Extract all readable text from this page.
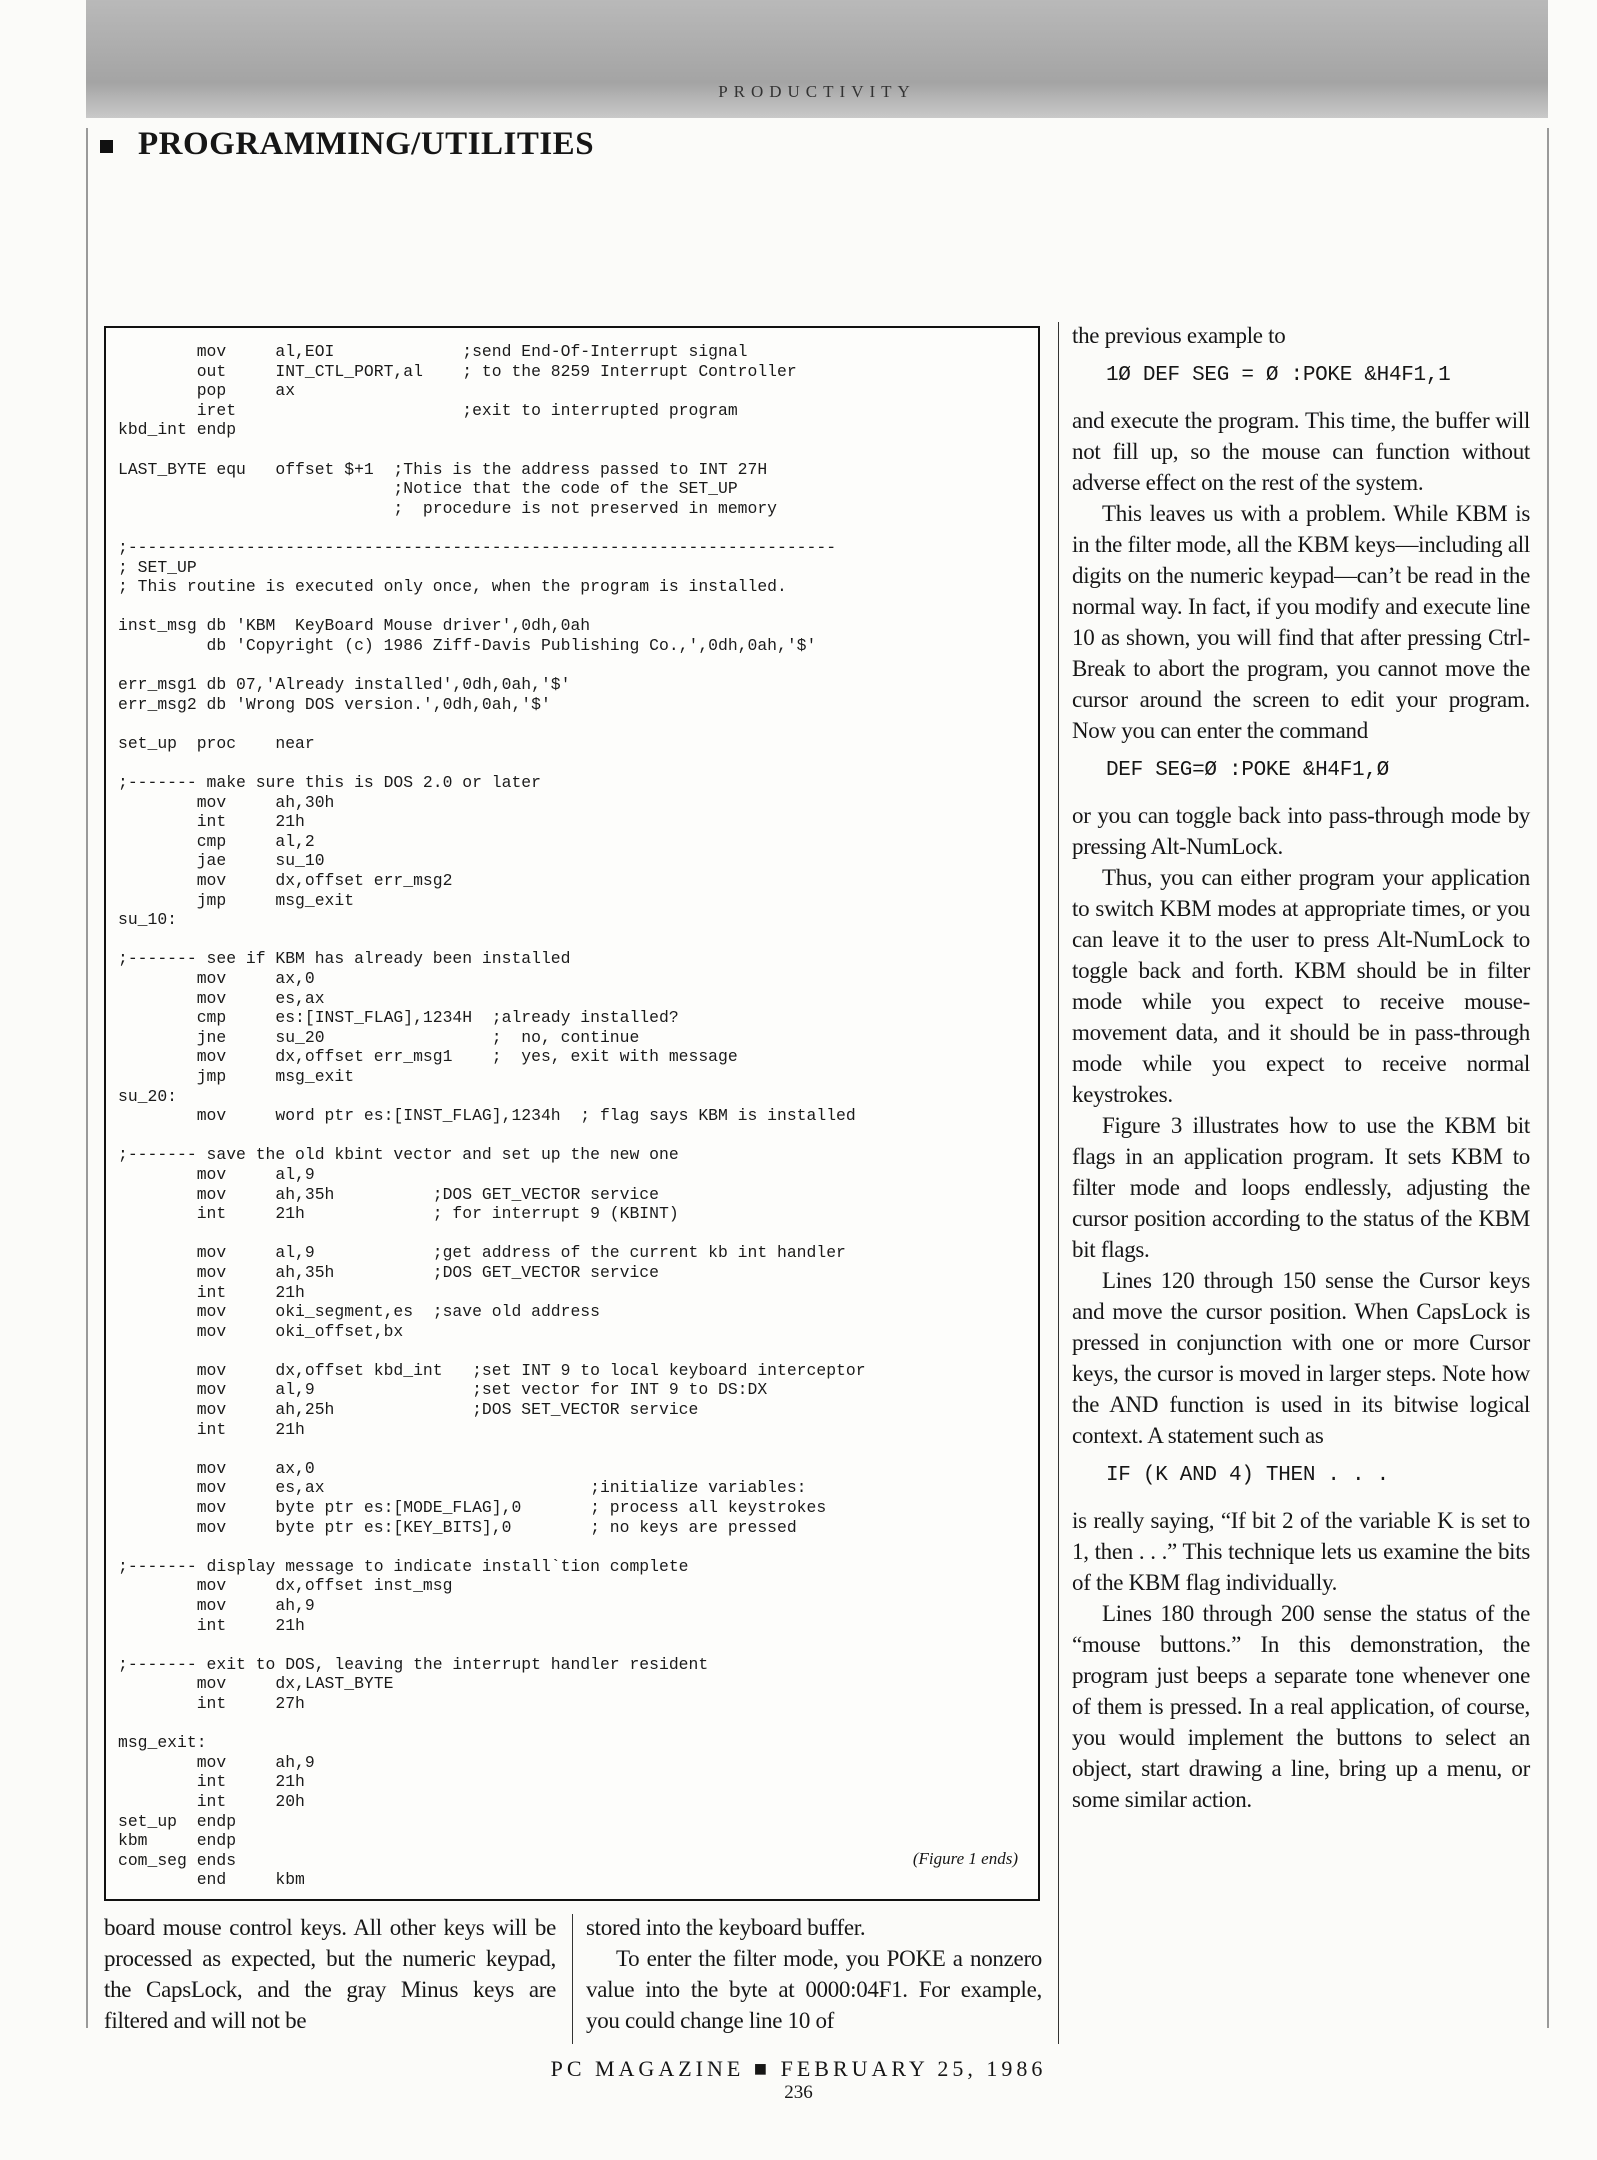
PRODUCTIVITY
PROGRAMMING/UTILITIES
mov     al,EOI             ;send End-Of-Interrupt signal
out     INT_CTL_PORT,al    ; to the 8259 Interrupt Controller
pop     ax
iret                       ;exit to interrupted program
kbd_int endp
LAST_BYTE equ   offset $+1  ;This is the address passed to INT 27H
;Notice that the code of the SET_UP
;  procedure is not preserved in memory
;------------------------------------------------------------------------
; SET_UP
; This routine is executed only once, when the program is installed.
inst_msg db 'KBM  KeyBoard Mouse driver',0dh,0ah
db 'Copyright (c) 1986 Ziff-Davis Publishing Co.,',0dh,0ah,'$'
err_msg1 db 07,'Already installed',0dh,0ah,'$'
err_msg2 db 'Wrong DOS version.',0dh,0ah,'$'
set_up  proc    near
;------- make sure this is DOS 2.0 or later
mov     ah,30h
int     21h
cmp     al,2
jae     su_10
mov     dx,offset err_msg2
jmp     msg_exit
su_10:
;------- see if KBM has already been installed
mov     ax,0
mov     es,ax
cmp     es:[INST_FLAG],1234H  ;already installed?
jne     su_20                 ;  no, continue
mov     dx,offset err_msg1    ;  yes, exit with message
jmp     msg_exit
su_20:
mov     word ptr es:[INST_FLAG],1234h  ; flag says KBM is installed
;------- save the old kbint vector and set up the new one
mov     al,9
mov     ah,35h          ;DOS GET_VECTOR service
int     21h             ; for interrupt 9 (KBINT)
mov     al,9            ;get address of the current kb int handler
mov     ah,35h          ;DOS GET_VECTOR service
int     21h
mov     oki_segment,es  ;save old address
mov     oki_offset,bx
mov     dx,offset kbd_int   ;set INT 9 to local keyboard interceptor
mov     al,9                ;set vector for INT 9 to DS:DX
mov     ah,25h              ;DOS SET_VECTOR service
int     21h
mov     ax,0
mov     es,ax                           ;initialize variables:
mov     byte ptr es:[MODE_FLAG],0       ; process all keystrokes
mov     byte ptr es:[KEY_BITS],0        ; no keys are pressed
;------- display message to indicate install`tion complete
mov     dx,offset inst_msg
mov     ah,9
int     21h
;------- exit to DOS, leaving the interrupt handler resident
mov     dx,LAST_BYTE
int     27h
msg_exit:
mov     ah,9
int     21h
int     20h
set_up  endp
kbm     endp
com_seg ends
end     kbm
(Figure 1 ends)

board mouse control keys. All other keys will be processed as expected, but the numeric keypad, the CapsLock, and the gray Minus keys are filtered and will not be

stored into the keyboard buffer.

To enter the filter mode, you POKE a nonzero value into the byte at 0000:04F1. For example, you could change line 10 of

the previous example to

1Ø DEF SEG = Ø :POKE &H4F1,1

and execute the program. This time, the buffer will not fill up, so the mouse can function without adverse effect on the rest of the system.

This leaves us with a problem. While KBM is in the filter mode, all the KBM keys—including all digits on the numeric keypad—can’t be read in the normal way. In fact, if you modify and execute line 10 as shown, you will find that after pressing Ctrl-Break to abort the program, you cannot move the cursor around the screen to edit your program. Now you can enter the command

DEF SEG=Ø :POKE &H4F1,Ø

or you can toggle back into pass-through mode by pressing Alt-NumLock.

Thus, you can either program your application to switch KBM modes at appropriate times, or you can leave it to the user to press Alt-NumLock to toggle back and forth. KBM should be in filter mode while you expect to receive mouse-movement data, and it should be in pass-through mode while you expect to receive normal keystrokes.

Figure 3 illustrates how to use the KBM bit flags in an application program. It sets KBM to filter mode and loops endlessly, adjusting the cursor position according to the status of the KBM bit flags.

Lines 120 through 150 sense the Cursor keys and move the cursor position. When CapsLock is pressed in conjunction with one or more Cursor keys, the cursor is moved in larger steps. Note how the AND function is used in its bitwise logical context. A statement such as

IF (K AND 4) THEN . . .

is really saying, “If bit 2 of the variable K is set to 1, then . . .” This technique lets us examine the bits of the KBM flag individually.

Lines 180 through 200 sense the status of the “mouse buttons.” In this demonstration, the program just beeps a separate tone whenever one of them is pressed. In a real application, of course, you would implement the buttons to select an object, start drawing a line, bring up a menu, or some similar action.

PC MAGAZINE ■ FEBRUARY 25, 1986
236
